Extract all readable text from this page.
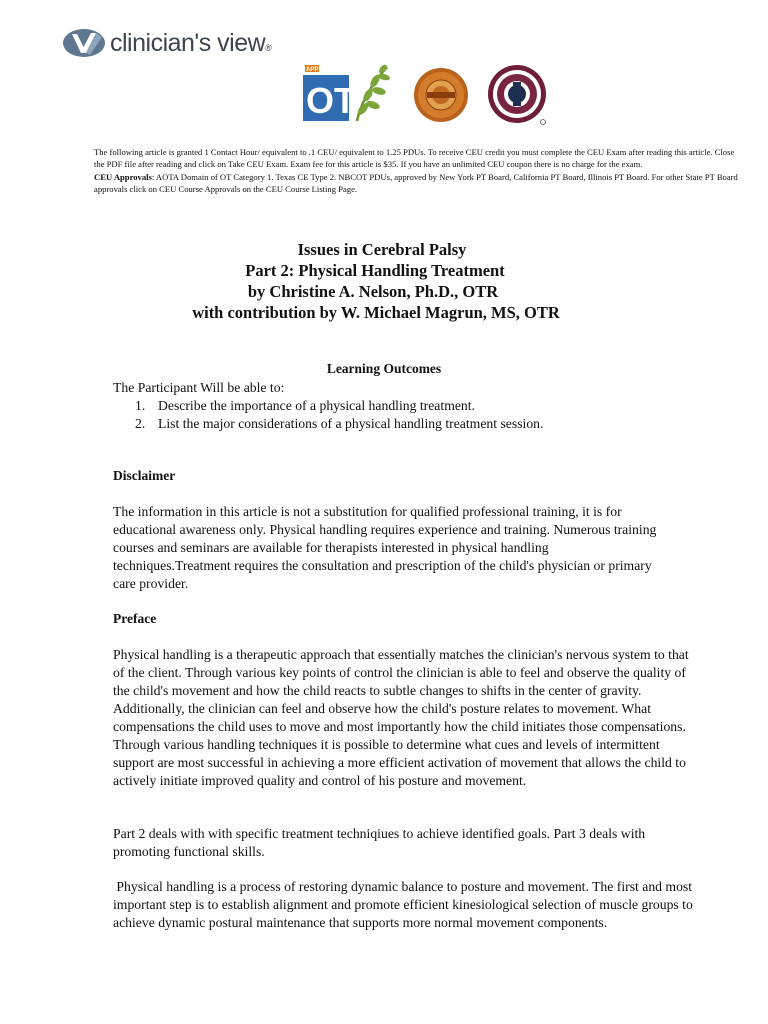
clinician's view®
APP
OT

The following article is granted 1 Contact Hour/ equivalent to .1 CEU/ equivalent to 1.25 PDUs. To receive CEU credit you must complete the CEU Exam after reading this article. Close the PDF file after reading and click on Take CEU Exam. Exam fee for this article is $35. If you have an unlimited CEU coupon there is no charge for the exam.

CEU Approvals: AOTA Domain of OT Category 1. Texas CE Type 2. NBCOT PDUs, approved by New York PT Board, California PT Board, Illinois PT Board. For other State PT Board approvals click on CEU Course Approvals on the CEU Course Listing Page.

Issues in Cerebral Palsy
Part 2: Physical Handling Treatment
by Christine A. Nelson, Ph.D., OTR
with contribution by W. Michael Magrun, MS, OTR
Learning Outcomes
The Participant Will be able to:
1. Describe the importance of a physical handling treatment.
2. List the major considerations of a physical handling treatment session.
Disclaimer

The information in this article is not a substitution for qualified professional training, it is for educational awareness only. Physical handling requires experience and training. Numerous training courses and seminars are available for therapists interested in physical handling techniques.Treatment requires the consultation and prescription of the child's physician or primary care provider.

Preface

Physical handling is a therapeutic approach that essentially matches the clinician's nervous system to that of the client. Through various key points of control the clinician is able to feel and observe the quality of the child's movement and how the child reacts to subtle changes to shifts in the center of gravity. Additionally, the clinician can feel and observe how the child's posture relates to movement. What compensations the child uses to move and most importantly how the child initiates those compensations. Through various handling techniques it is possible to determine what cues and levels of intermittent support are most successful in achieving a more efficient activation of movement that allows the child to actively initiate improved quality and control of his posture and movement.

Part 2 deals with with specific treatment techniqiues to achieve identified goals. Part 3 deals with promoting functional skills.

Physical handling is a process of restoring dynamic balance to posture and movement. The first and most important step is to establish alignment and promote efficient kinesiological selection of muscle groups to achieve dynamic postural maintenance that supports more normal movement components.
